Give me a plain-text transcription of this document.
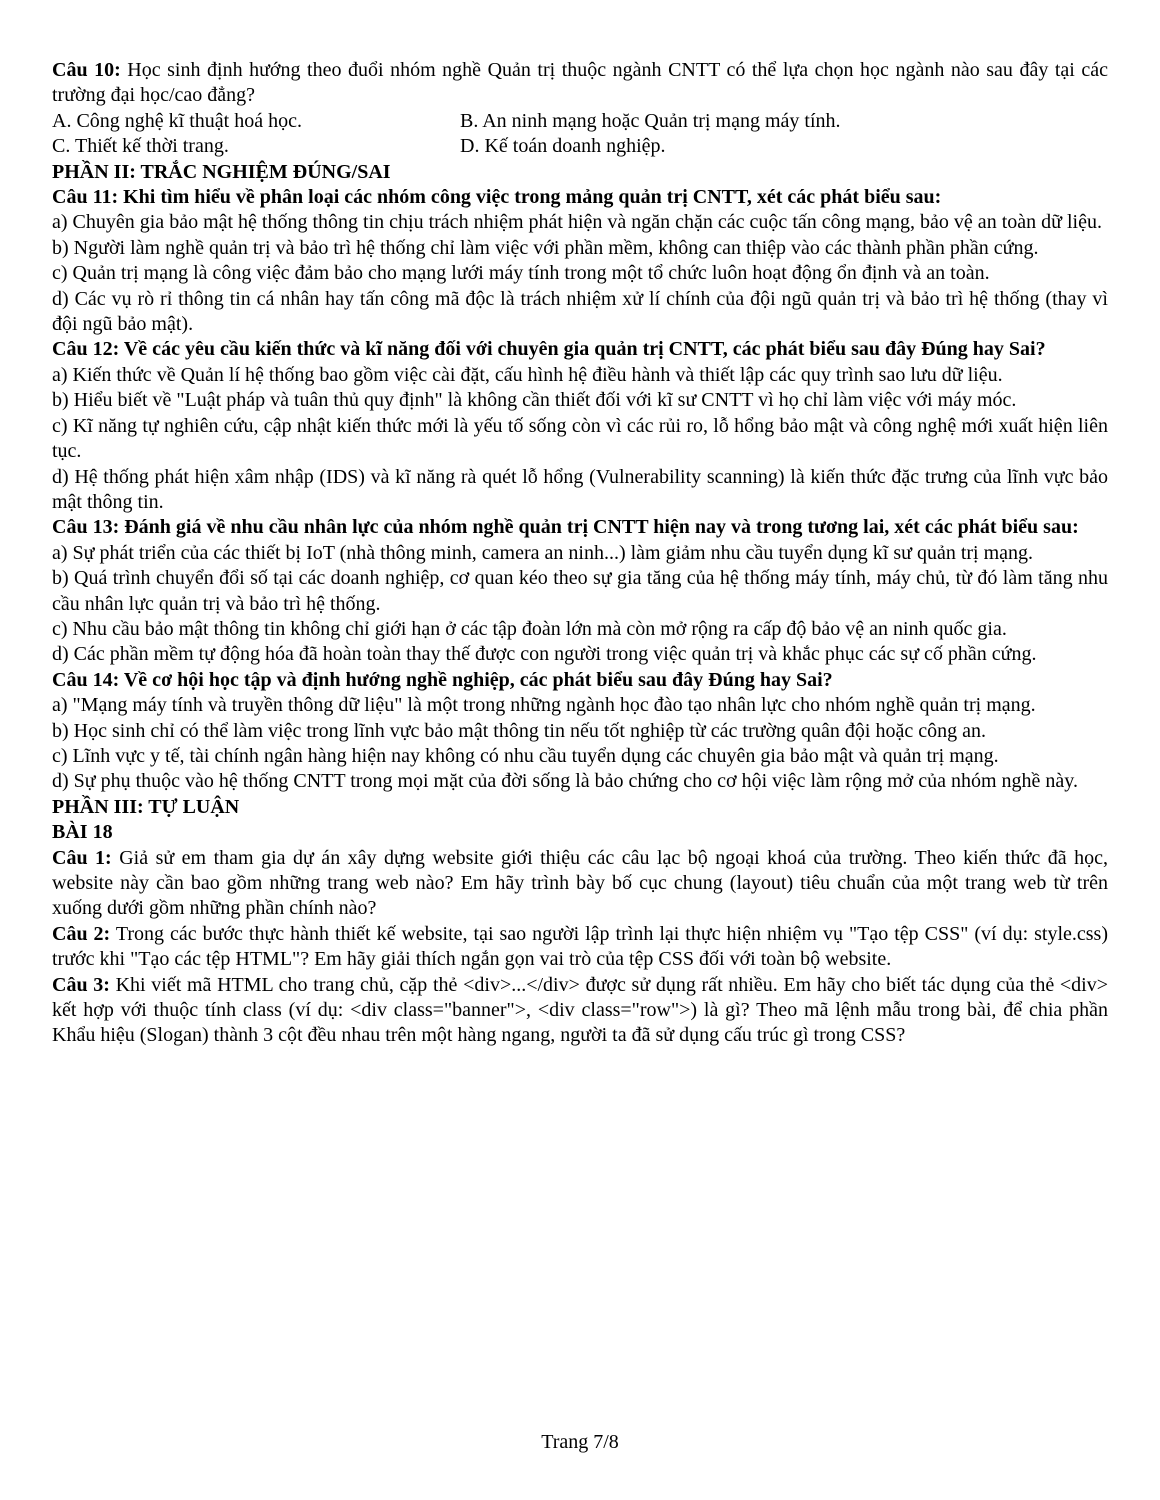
Câu 10: Học sinh định hướng theo đuổi nhóm nghề Quản trị thuộc ngành CNTT có thể lựa chọn học ngành nào sau đây tại các trường đại học/cao đẳng?

A. Công nghệ kĩ thuật hoá học.	B. An ninh mạng hoặc Quản trị mạng máy tính.
C. Thiết kế thời trang.	D. Kế toán doanh nghiệp.

PHẦN II: TRẮC NGHIỆM ĐÚNG/SAI

Câu 11: Khi tìm hiểu về phân loại các nhóm công việc trong mảng quản trị CNTT, xét các phát biểu sau:

a) Chuyên gia bảo mật hệ thống thông tin chịu trách nhiệm phát hiện và ngăn chặn các cuộc tấn công mạng, bảo vệ an toàn dữ liệu.

b) Người làm nghề quản trị và bảo trì hệ thống chỉ làm việc với phần mềm, không can thiệp vào các thành phần phần cứng.

c) Quản trị mạng là công việc đảm bảo cho mạng lưới máy tính trong một tổ chức luôn hoạt động ổn định và an toàn.

d) Các vụ rò rỉ thông tin cá nhân hay tấn công mã độc là trách nhiệm xử lí chính của đội ngũ quản trị và bảo trì hệ thống (thay vì đội ngũ bảo mật).

Câu 12: Về các yêu cầu kiến thức và kĩ năng đối với chuyên gia quản trị CNTT, các phát biểu sau đây Đúng hay Sai?

a) Kiến thức về Quản lí hệ thống bao gồm việc cài đặt, cấu hình hệ điều hành và thiết lập các quy trình sao lưu dữ liệu.

b) Hiểu biết về "Luật pháp và tuân thủ quy định" là không cần thiết đối với kĩ sư CNTT vì họ chỉ làm việc với máy móc.

c) Kĩ năng tự nghiên cứu, cập nhật kiến thức mới là yếu tố sống còn vì các rủi ro, lỗ hổng bảo mật và công nghệ mới xuất hiện liên tục.

d) Hệ thống phát hiện xâm nhập (IDS) và kĩ năng rà quét lỗ hổng (Vulnerability scanning) là kiến thức đặc trưng của lĩnh vực bảo mật thông tin.

Câu 13: Đánh giá về nhu cầu nhân lực của nhóm nghề quản trị CNTT hiện nay và trong tương lai, xét các phát biểu sau:

a) Sự phát triển của các thiết bị IoT (nhà thông minh, camera an ninh...) làm giảm nhu cầu tuyển dụng kĩ sư quản trị mạng.

b) Quá trình chuyển đổi số tại các doanh nghiệp, cơ quan kéo theo sự gia tăng của hệ thống máy tính, máy chủ, từ đó làm tăng nhu cầu nhân lực quản trị và bảo trì hệ thống.

c) Nhu cầu bảo mật thông tin không chỉ giới hạn ở các tập đoàn lớn mà còn mở rộng ra cấp độ bảo vệ an ninh quốc gia.

d) Các phần mềm tự động hóa đã hoàn toàn thay thế được con người trong việc quản trị và khắc phục các sự cố phần cứng.

Câu 14: Về cơ hội học tập và định hướng nghề nghiệp, các phát biểu sau đây Đúng hay Sai?

a) "Mạng máy tính và truyền thông dữ liệu" là một trong những ngành học đào tạo nhân lực cho nhóm nghề quản trị mạng.

b) Học sinh chỉ có thể làm việc trong lĩnh vực bảo mật thông tin nếu tốt nghiệp từ các trường quân đội hoặc công an.

c) Lĩnh vực y tế, tài chính ngân hàng hiện nay không có nhu cầu tuyển dụng các chuyên gia bảo mật và quản trị mạng.

d) Sự phụ thuộc vào hệ thống CNTT trong mọi mặt của đời sống là bảo chứng cho cơ hội việc làm rộng mở của nhóm nghề này.

PHẦN III: TỰ LUẬN

BÀI 18

Câu 1: Giả sử em tham gia dự án xây dựng website giới thiệu các câu lạc bộ ngoại khoá của trường. Theo kiến thức đã học, website này cần bao gồm những trang web nào? Em hãy trình bày bố cục chung (layout) tiêu chuẩn của một trang web từ trên xuống dưới gồm những phần chính nào?

Câu 2: Trong các bước thực hành thiết kế website, tại sao người lập trình lại thực hiện nhiệm vụ "Tạo tệp CSS" (ví dụ: style.css) trước khi "Tạo các tệp HTML"? Em hãy giải thích ngắn gọn vai trò của tệp CSS đối với toàn bộ website.

Câu 3: Khi viết mã HTML cho trang chủ, cặp thẻ <div>...</div> được sử dụng rất nhiều. Em hãy cho biết tác dụng của thẻ <div> kết hợp với thuộc tính class (ví dụ: <div class="banner">, <div class="row">) là gì? Theo mã lệnh mẫu trong bài, để chia phần Khẩu hiệu (Slogan) thành 3 cột đều nhau trên một hàng ngang, người ta đã sử dụng cấu trúc gì trong CSS?

Trang 7/8
